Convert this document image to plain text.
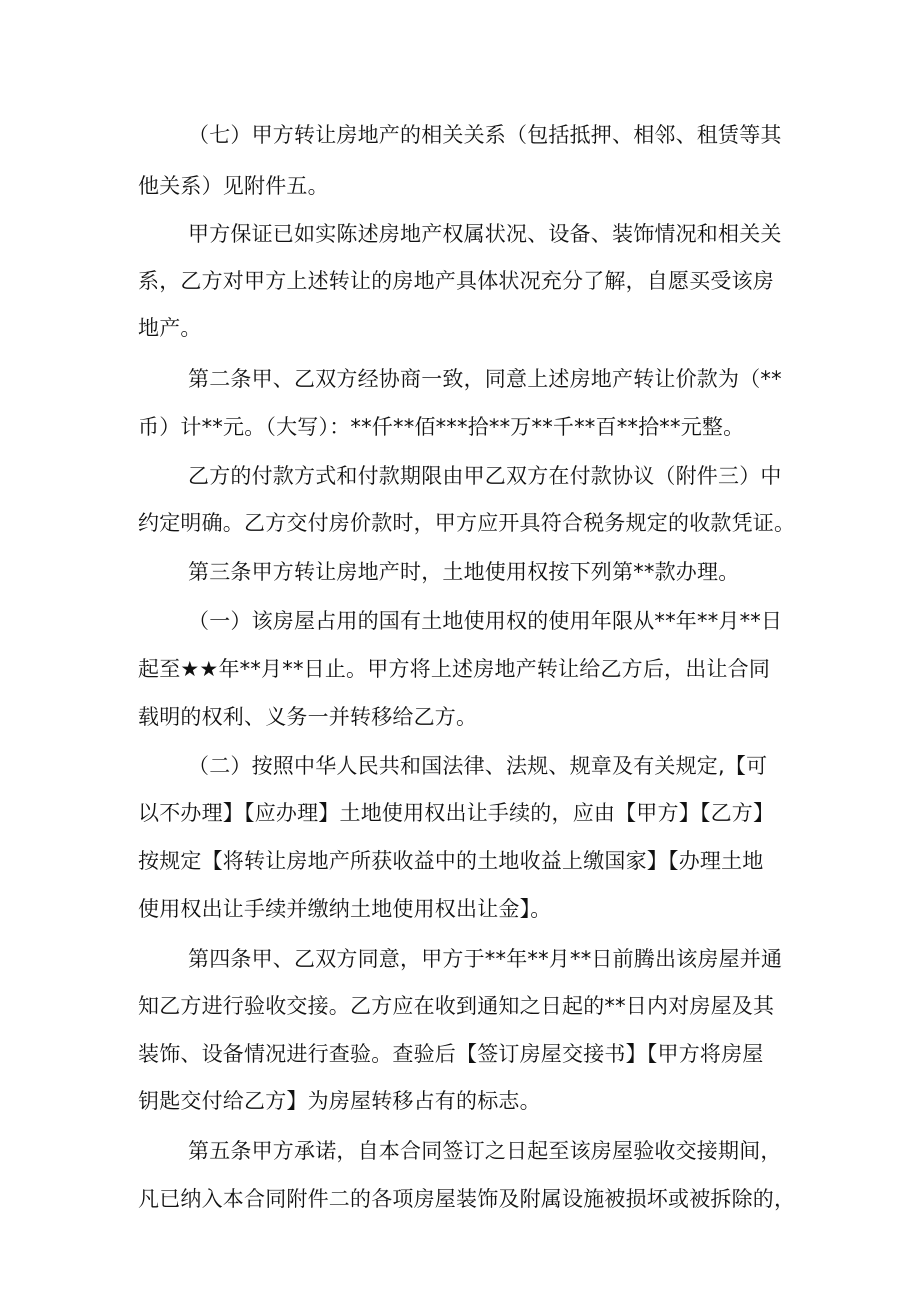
（七）甲方转让房地产的相关关系（包括抵押、相邻、租赁等其
他关系）见附件五。
甲方保证已如实陈述房地产权属状况、设备、装饰情况和相关关
系，乙方对甲方上述转让的房地产具体状况充分了解，自愿买受该房
地产。
第二条甲、乙双方经协商一致，同意上述房地产转让价款为（**
币）计**元。（大写）：**仟**佰***拾**万**千**百**拾**元整。
乙方的付款方式和付款期限由甲乙双方在付款协议（附件三）中
约定明确。乙方交付房价款时，甲方应开具符合税务规定的收款凭证。
第三条甲方转让房地产时，土地使用权按下列第**款办理。
（一）该房屋占用的国有土地使用权的使用年限从**年**月**日
起至★★年**月**日止。甲方将上述房地产转让给乙方后，出让合同
载明的权利、义务一并转移给乙方。
（二）按照中华人民共和国法律、法规、规章及有关规定,【可
以不办理】【应办理】土地使用权出让手续的，应由【甲方】【乙方】
按规定【将转让房地产所获收益中的土地收益上缴国家】【办理土地
使用权出让手续并缴纳土地使用权出让金】。
第四条甲、乙双方同意，甲方于**年**月**日前腾出该房屋并通
知乙方进行验收交接。乙方应在收到通知之日起的**日内对房屋及其
装饰、设备情况进行查验。查验后【签订房屋交接书】【甲方将房屋
钥匙交付给乙方】为房屋转移占有的标志。
第五条甲方承诺，自本合同签订之日起至该房屋验收交接期间，
凡已纳入本合同附件二的各项房屋装饰及附属设施被损坏或被拆除的，
